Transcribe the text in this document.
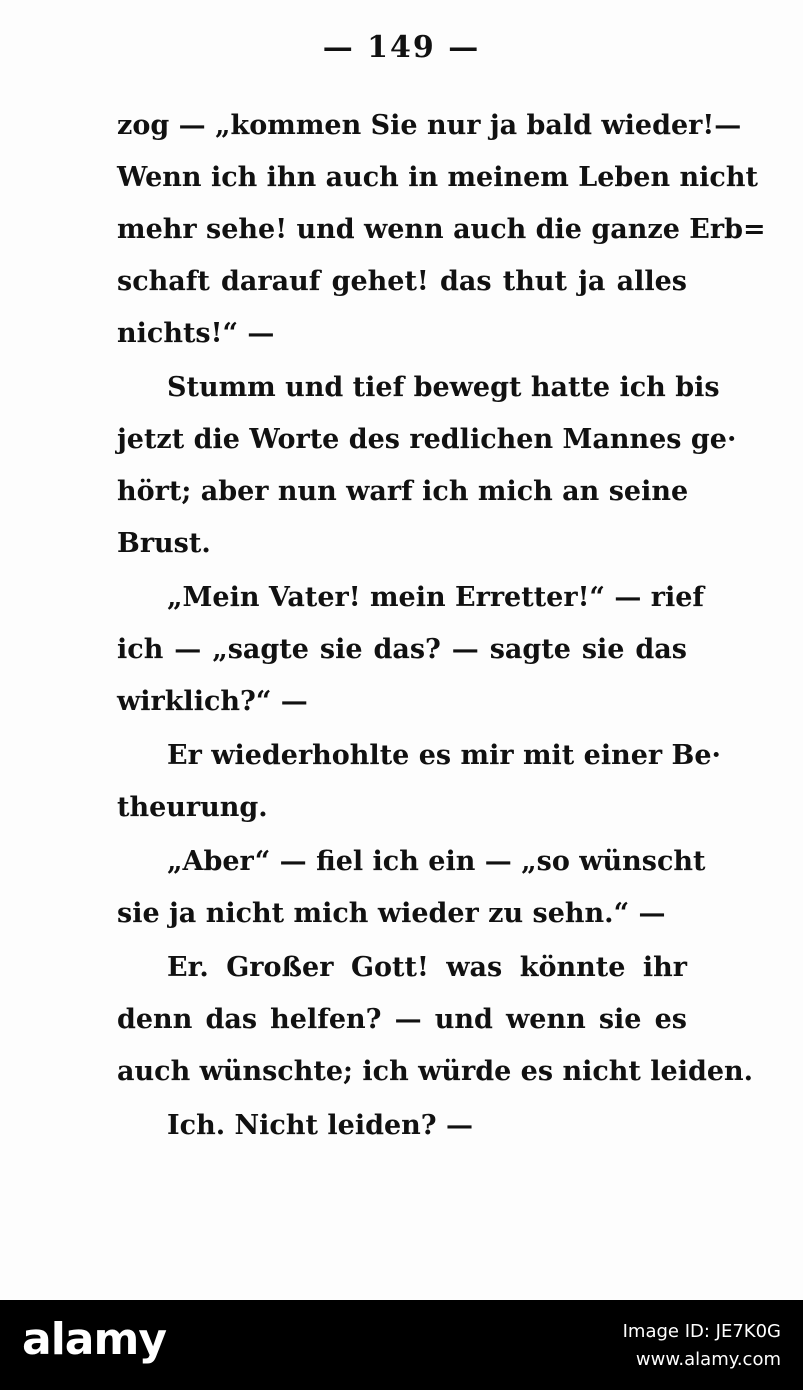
— 149 —
zog — „kommen Sie nur ja bald wieder!—
Wenn ich ihn auch in meinem Leben nicht
mehr sehe! und wenn auch die ganze Erb=
schaft darauf gehet! das thut ja alles
nichts!“ —
Stumm und tief bewegt hatte ich bis
jetzt die Worte des redlichen Mannes ge·
hört; aber nun warf ich mich an seine
Brust.
„Mein Vater! mein Erretter!“ — rief
ich — „sagte sie das? — sagte sie das
wirklich?“ —
Er wiederhohlte es mir mit einer Be·
theurung.
„Aber“ — fiel ich ein — „so wünscht
sie ja nicht mich wieder zu sehn.“ —
Er. Großer Gott! was könnte ihr
denn das helfen? — und wenn sie es
auch wünschte; ich würde es nicht leiden.
Ich. Nicht leiden? —
alamy	Image ID: JE7K0G
www.alamy.com
